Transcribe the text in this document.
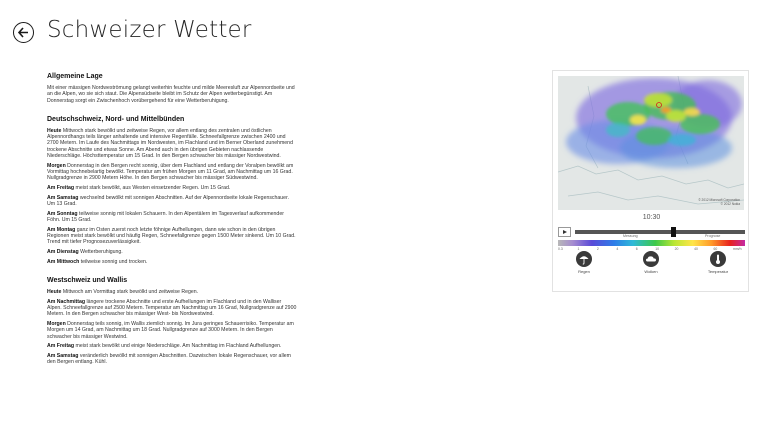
Schweizer Wetter
Allgemeine Lage

Mit einer mässigen Nordweströmung gelangt weiterhin feuchte und milde Meeresluft zur Alpennordseite und an die Alpen, wo sie sich staut. Die Alpensüdseite bleibt im Schutz der Alpen wetterbegünstigt. Am Donnerstag sorgt ein Zwischenhoch vorübergehend für eine Wetterberuhigung.

Deutschschweiz, Nord- und Mittelbünden

Heute Mittwoch stark bewölkt und zeitweise Regen, vor allem entlang des zentralen und östlichen Alpennordhangs teils länger anhaltende und intensive Regenfälle. Schneefallgrenze zwischen 2400 und 2700 Metern. Im Laufe des Nachmittags im Nordwesten, im Flachland und im Berner Oberland zunehmend trockene Abschnitte und etwas Sonne. Am Abend auch in den übrigen Gebieten nachlassende Niederschläge. Höchsttemperatur um 15 Grad. In den Bergen schwacher bis mässiger Nordwestwind.

Morgen Donnerstag in den Bergen recht sonnig, über dem Flachland und entlang der Voralpen bewölkt am Vormittag hochnebelartig bewölkt. Temperatur am frühen Morgen um 11 Grad, am Nachmittag um 16 Grad. Nullgradgrenze in 2900 Metern Höhe. In den Bergen schwacher bis mässiger Südwestwind.

Am Freitag meist stark bewölkt, aus Westen einsetzender Regen. Um 15 Grad.

Am Samstag wechselnd bewölkt mit sonnigen Abschnitten. Auf der Alpennordseite lokale Regenschauer. Um 13 Grad.

Am Sonntag teilweise sonnig mit lokalen Schauern. In den Alpentälern im Tagesverlauf aufkommender Föhn. Um 15 Grad.

Am Montag ganz im Osten zuerst noch letzte föhnige Aufhellungen, dann wie schon in den übrigen Regionen meist stark bewölkt und häufig Regen, Schneefallgrenze gegen 1500 Meter sinkend. Um 10 Grad. Trend mit tiefer Prognosezuverlässigkeit.

Am Dienstag Wetterberuhigung.

Am Mittwoch teilweise sonnig und trocken.

Westschweiz und Wallis

Heute Mittwoch am Vormittag stark bewölkt und zeitweise Regen.

Am Nachmittag längere trockene Abschnitte und erste Aufhellungen im Flachland und in den Walliser Alpen. Schneefallgrenze auf 2500 Metern. Temperatur am Nachmittag um 16 Grad, Nullgradgrenze auf 2900 Metern. In den Bergen schwacher bis mässiger West- bis Nordwestwind.

Morgen Donnerstag teils sonnig, im Wallis ziemlich sonnig. Im Jura geringes Schauerrisiko. Temperatur am Morgen um 14 Grad, am Nachmittag um 18 Grad. Nullgradgrenze auf 3000 Metern. In den Bergen schwacher bis mässiger Westwind.

Am Freitag meist stark bewölkt und einige Niederschläge. Am Nachmittag im Flachland Aufhellungen.

Am Samstag veränderlich bewölkt mit sonnigen Abschnitten. Dazwischen lokale Regenschauer, vor allem den Bergen entlang. Kühl.

© 2012 Microsoft Corporation
© 2012 Nokia
10:30
Messung	Prognose
0.3	1	2	4	6	10	20	40	60	mm/h
Regen	Wolken	Temperatur
